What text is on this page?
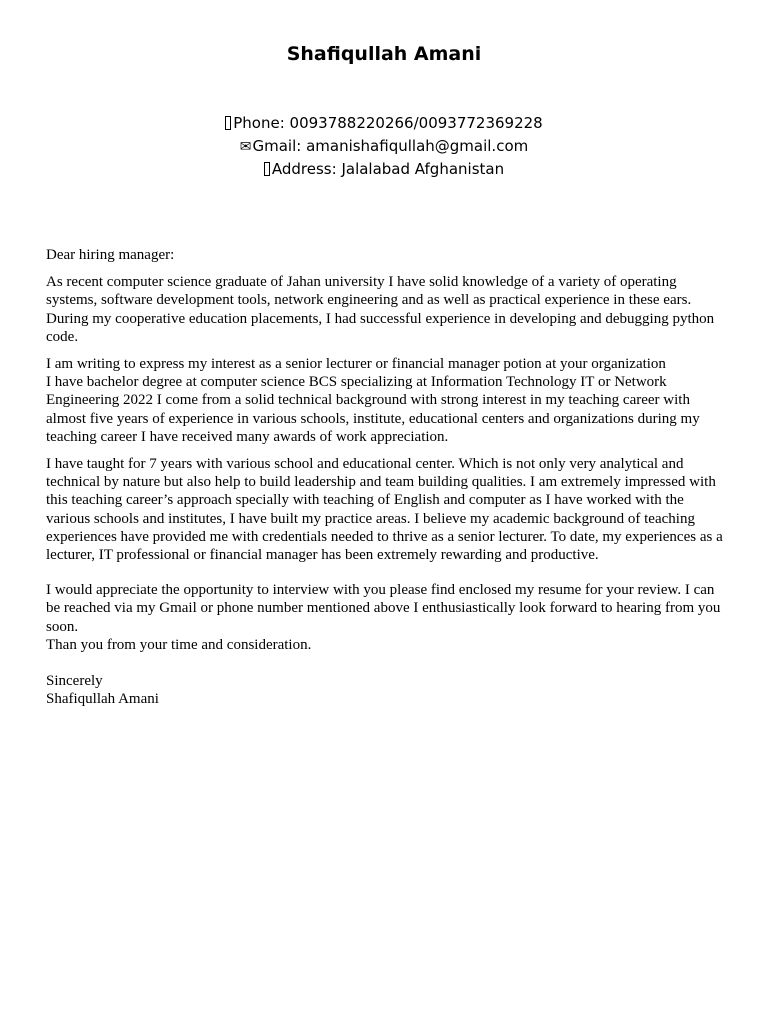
Shafiqullah Amani
Phone: 0093788220266/0093772369228
✉Gmail: amanishafiqullah@gmail.com
Address: Jalalabad Afghanistan

Dear hiring manager:

As recent computer science graduate of Jahan university I have solid knowledge of a variety of operating systems, software development tools, network engineering and as well as practical experience in these ears. During my cooperative education placements, I had successful experience in developing and debugging python code.

I am writing to express my interest as a senior lecturer or financial manager potion at your organization

I have bachelor degree at computer science BCS specializing at Information Technology IT or Network Engineering 2022 I come from a solid technical background with strong interest in my teaching career with almost five years of experience in various schools, institute, educational centers and organizations during my teaching career I have received many awards of work appreciation.

I have taught for 7 years with various school and educational center. Which is not only very analytical and technical by nature but also help to build leadership and team building qualities. I am extremely impressed with this teaching career’s approach specially with teaching of English and computer as I have worked with the various schools and institutes, I have built my practice areas. I believe my academic background of teaching experiences have provided me with credentials needed to thrive as a senior lecturer. To date, my experiences as a lecturer, IT professional or financial manager has been extremely rewarding and productive.

I would appreciate the opportunity to interview with you please find enclosed my resume for your review. I can be reached via my Gmail or phone number mentioned above I enthusiastically look forward to hearing from you soon.

Than you from your time and consideration.

Sincerely

Shafiqullah Amani
